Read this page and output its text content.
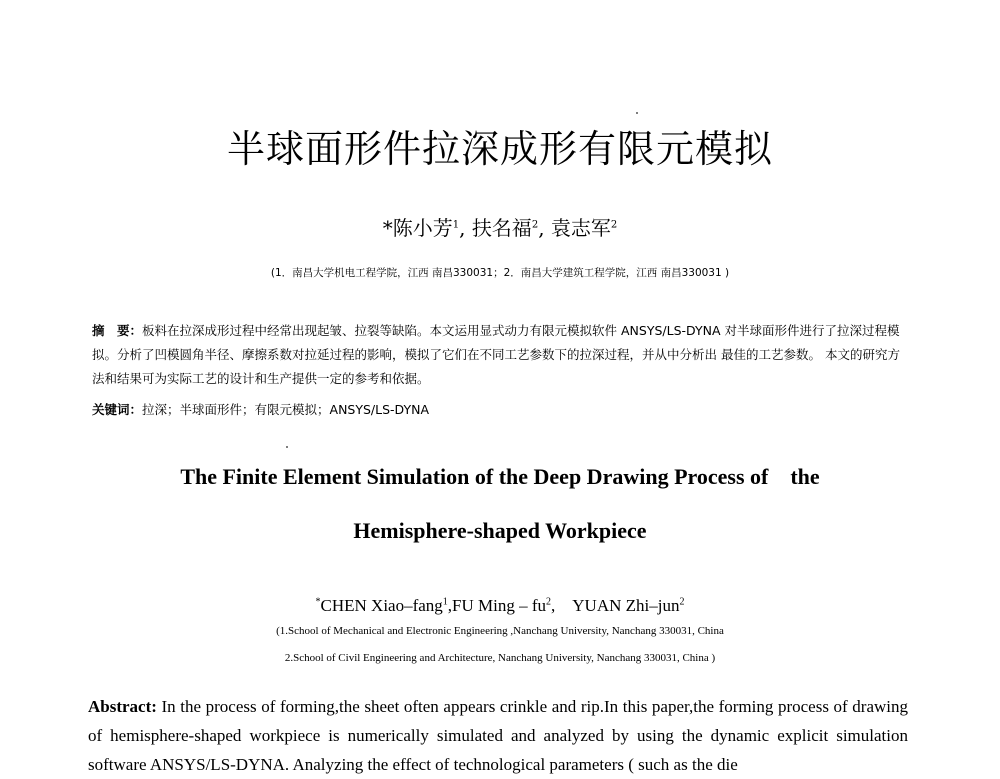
半球面形件拉深成形有限元模拟
*陈小芳$^1$, 扶名福$^2$, 袁志军$^2$
(1．南昌大学机电工程学院，江西 南昌330031；2．南昌大学建筑工程学院，江西 南昌330031 )
摘　要：板料在拉深成形过程中经常出现起皱、拉裂等缺陷。本文运用显式动力有限元模拟软件 ANSYS/LS-DYNA 对半球面形件进行了拉深过程模拟。分析了凹模圆角半径、摩擦系数对拉延过程的影响，模拟了它们在不同工艺参数下的拉深过程，并从中分析出 最佳的工艺参数。 本文的研究方法和结果可为实际工艺的设计和生产提供一定的参考和依据。
关键词：拉深；半球面形件；有限元模拟；ANSYS/LS-DYNA
The Finite Element Simulation of the Deep Drawing Process of　the
Hemisphere-shaped Workpiece
*CHEN Xiao–fang$^1$,FU Ming – $fu^2$,　YUAN Zhi–jun$^2$
(1.School of Mechanical and Electronic Engineering ,Nanchang University, Nanchang 330031, China
2.School of Civil Engineering and Architecture, Nanchang University, Nanchang 330031, China )
Abstract: In the process of forming,the sheet often appears crinkle and rip.In this paper,the forming process of drawing of hemisphere-shaped workpiece is numerically simulated and analyzed by using the dynamic explicit simulation software ANSYS/LS-DYNA. Analyzing the effect of technological parameters ( such as the die
